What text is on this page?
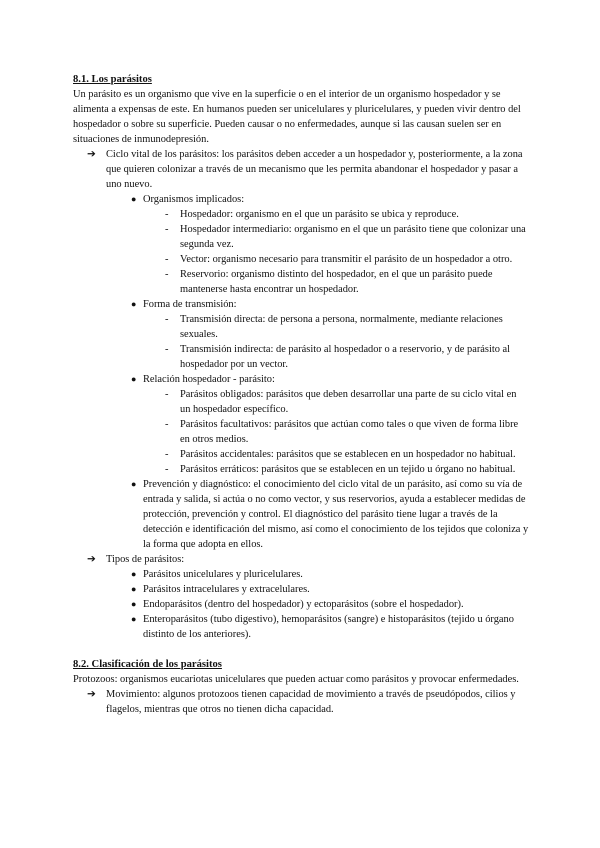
8.1. Los parásitos

Un parásito es un organismo que vive en la superficie o en el interior de un organismo hospedador y se alimenta a expensas de este. En humanos pueden ser unicelulares y pluricelulares, y pueden vivir dentro del hospedador o sobre su superficie. Pueden causar o no enfermedades, aunque si las causan suelen ser en situaciones de inmunodepresión.

➔ Ciclo vital de los parásitos: los parásitos deben acceder a un hospedador y, posteriormente, a la zona que quieren colonizar a través de un mecanismo que les permita abandonar el hospedador y pasar a uno nuevo.
● Organismos implicados:
- Hospedador: organismo en el que un parásito se ubica y reproduce.
- Hospedador intermediario: organismo en el que un parásito tiene que colonizar una segunda vez.
- Vector: organismo necesario para transmitir el parásito de un hospedador a otro.
- Reservorio: organismo distinto del hospedador, en el que un parásito puede mantenerse hasta encontrar un hospedador.
● Forma de transmisión:
- Transmisión directa: de persona a persona, normalmente, mediante relaciones sexuales.
- Transmisión indirecta: de parásito al hospedador o a reservorio, y de parásito al hospedador por un vector.
● Relación hospedador - parásito:
- Parásitos obligados: parásitos que deben desarrollar una parte de su ciclo vital en un hospedador específico.
- Parásitos facultativos: parásitos que actúan como tales o que viven de forma libre en otros medios.
- Parásitos accidentales: parásitos que se establecen en un hospedador no habitual.
- Parásitos erráticos: parásitos que se establecen en un tejido u órgano no habitual.
● Prevención y diagnóstico: el conocimiento del ciclo vital de un parásito, así como su vía de entrada y salida, si actúa o no como vector, y sus reservorios, ayuda a establecer medidas de protección, prevención y control. El diagnóstico del parásito tiene lugar a través de la detección e identificación del mismo, así como el conocimiento de los tejidos que coloniza y la forma que adopta en ellos.
➔ Tipos de parásitos:
● Parásitos unicelulares y pluricelulares.
● Parásitos intracelulares y extracelulares.
● Endoparásitos (dentro del hospedador) y ectoparásitos (sobre el hospedador).
● Enteroparásitos (tubo digestivo), hemoparásitos (sangre) e histoparásitos (tejido u órgano distinto de los anteriores).
8.2. Clasificación de los parásitos

Protozoos: organismos eucariotas unicelulares que pueden actuar como parásitos y provocar enfermedades.

➔ Movimiento: algunos protozoos tienen capacidad de movimiento a través de pseudópodos, cilios y flagelos, mientras que otros no tienen dicha capacidad.
